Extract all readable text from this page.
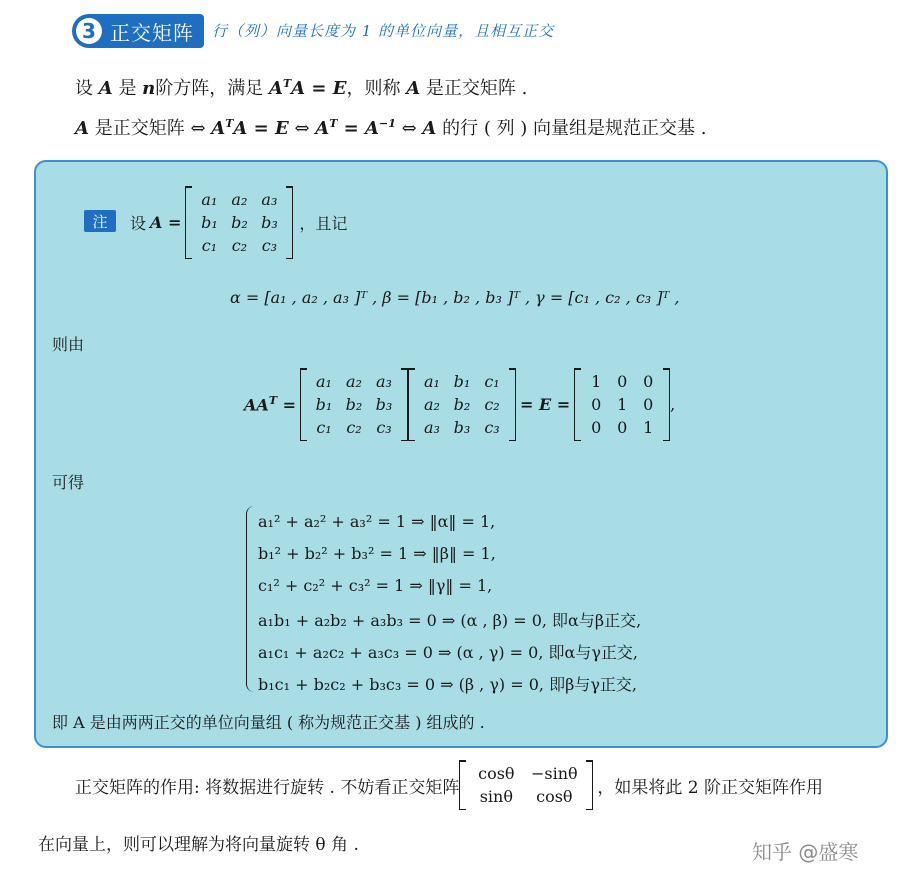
3 正交矩阵 行（列）向量长度为 1 的单位向量，且相互正交
设 A 是 n阶方阵，满足 $A^TA = E$，则称 A 是正交矩阵 .
A 是正交矩阵 ⇔ $A^TA = E$ ⇔ $A^T = A^{-1}$ ⇔ A 的行 ( 列 ) 向量组是规范正交基 .
注	设 A =
a₁ a₂ a₃
b₁ b₂ b₃
c₁ c₂ c₃
，且记
α = [a₁ , a₂ , a₃ ]ᵀ , β = [b₁ , b₂ , b₃ ]ᵀ , γ = [c₁ , c₂ , c₃ ]ᵀ ,
则由
$AA^T$ =
a₁ a₂ a₃
b₁ b₂ b₃
c₁ c₂ c₃
a₁ b₁ c₁
a₂ b₂ c₂
a₃ b₃ c₃
= E =
1 0 0
0 1 0
0 0 1
,
可得
a₁² + a₂² + a₃² = 1 ⇒ ‖α‖ = 1,
b₁² + b₂² + b₃² = 1 ⇒ ‖β‖ = 1,
c₁² + c₂² + c₃² = 1 ⇒ ‖γ‖ = 1,
a₁b₁ + a₂b₂ + a₃b₃ = 0 ⇒ (α , β) = 0, 即α与β正交,
a₁c₁ + a₂c₂ + a₃c₃ = 0 ⇒ (α , γ) = 0, 即α与γ正交,
b₁c₁ + b₂c₂ + b₃c₃ = 0 ⇒ (β , γ) = 0, 即β与γ正交,
即 A 是由两两正交的单位向量组 ( 称为规范正交基 ) 组成的 .
正交矩阵的作用: 将数据进行旋转 . 不妨看正交矩阵
cosθ	−sinθ
sinθ	cosθ	，如果将此 2 阶正交矩阵作用
在向量上，则可以理解为将向量旋转 θ 角 .	知乎 @盛寒
